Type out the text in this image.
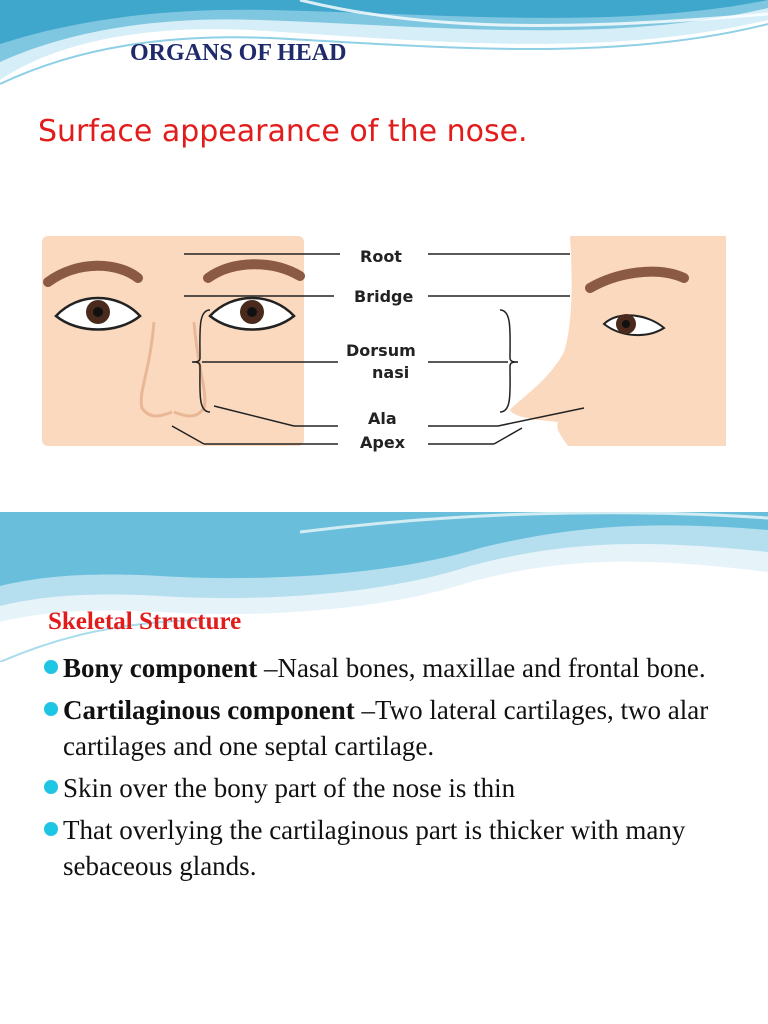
ORGANS OF HEAD
Surface appearance of the nose.
Root
Bridge
Dorsum
nasi
Ala
Apex
Skeletal Structure
Bony component –Nasal bones, maxillae and frontal bone.
Cartilaginous component –Two lateral cartilages, two alar cartilages and one septal cartilage.
Skin over the bony part of the nose is thin
That overlying the cartilaginous part is thicker with many sebaceous glands.
